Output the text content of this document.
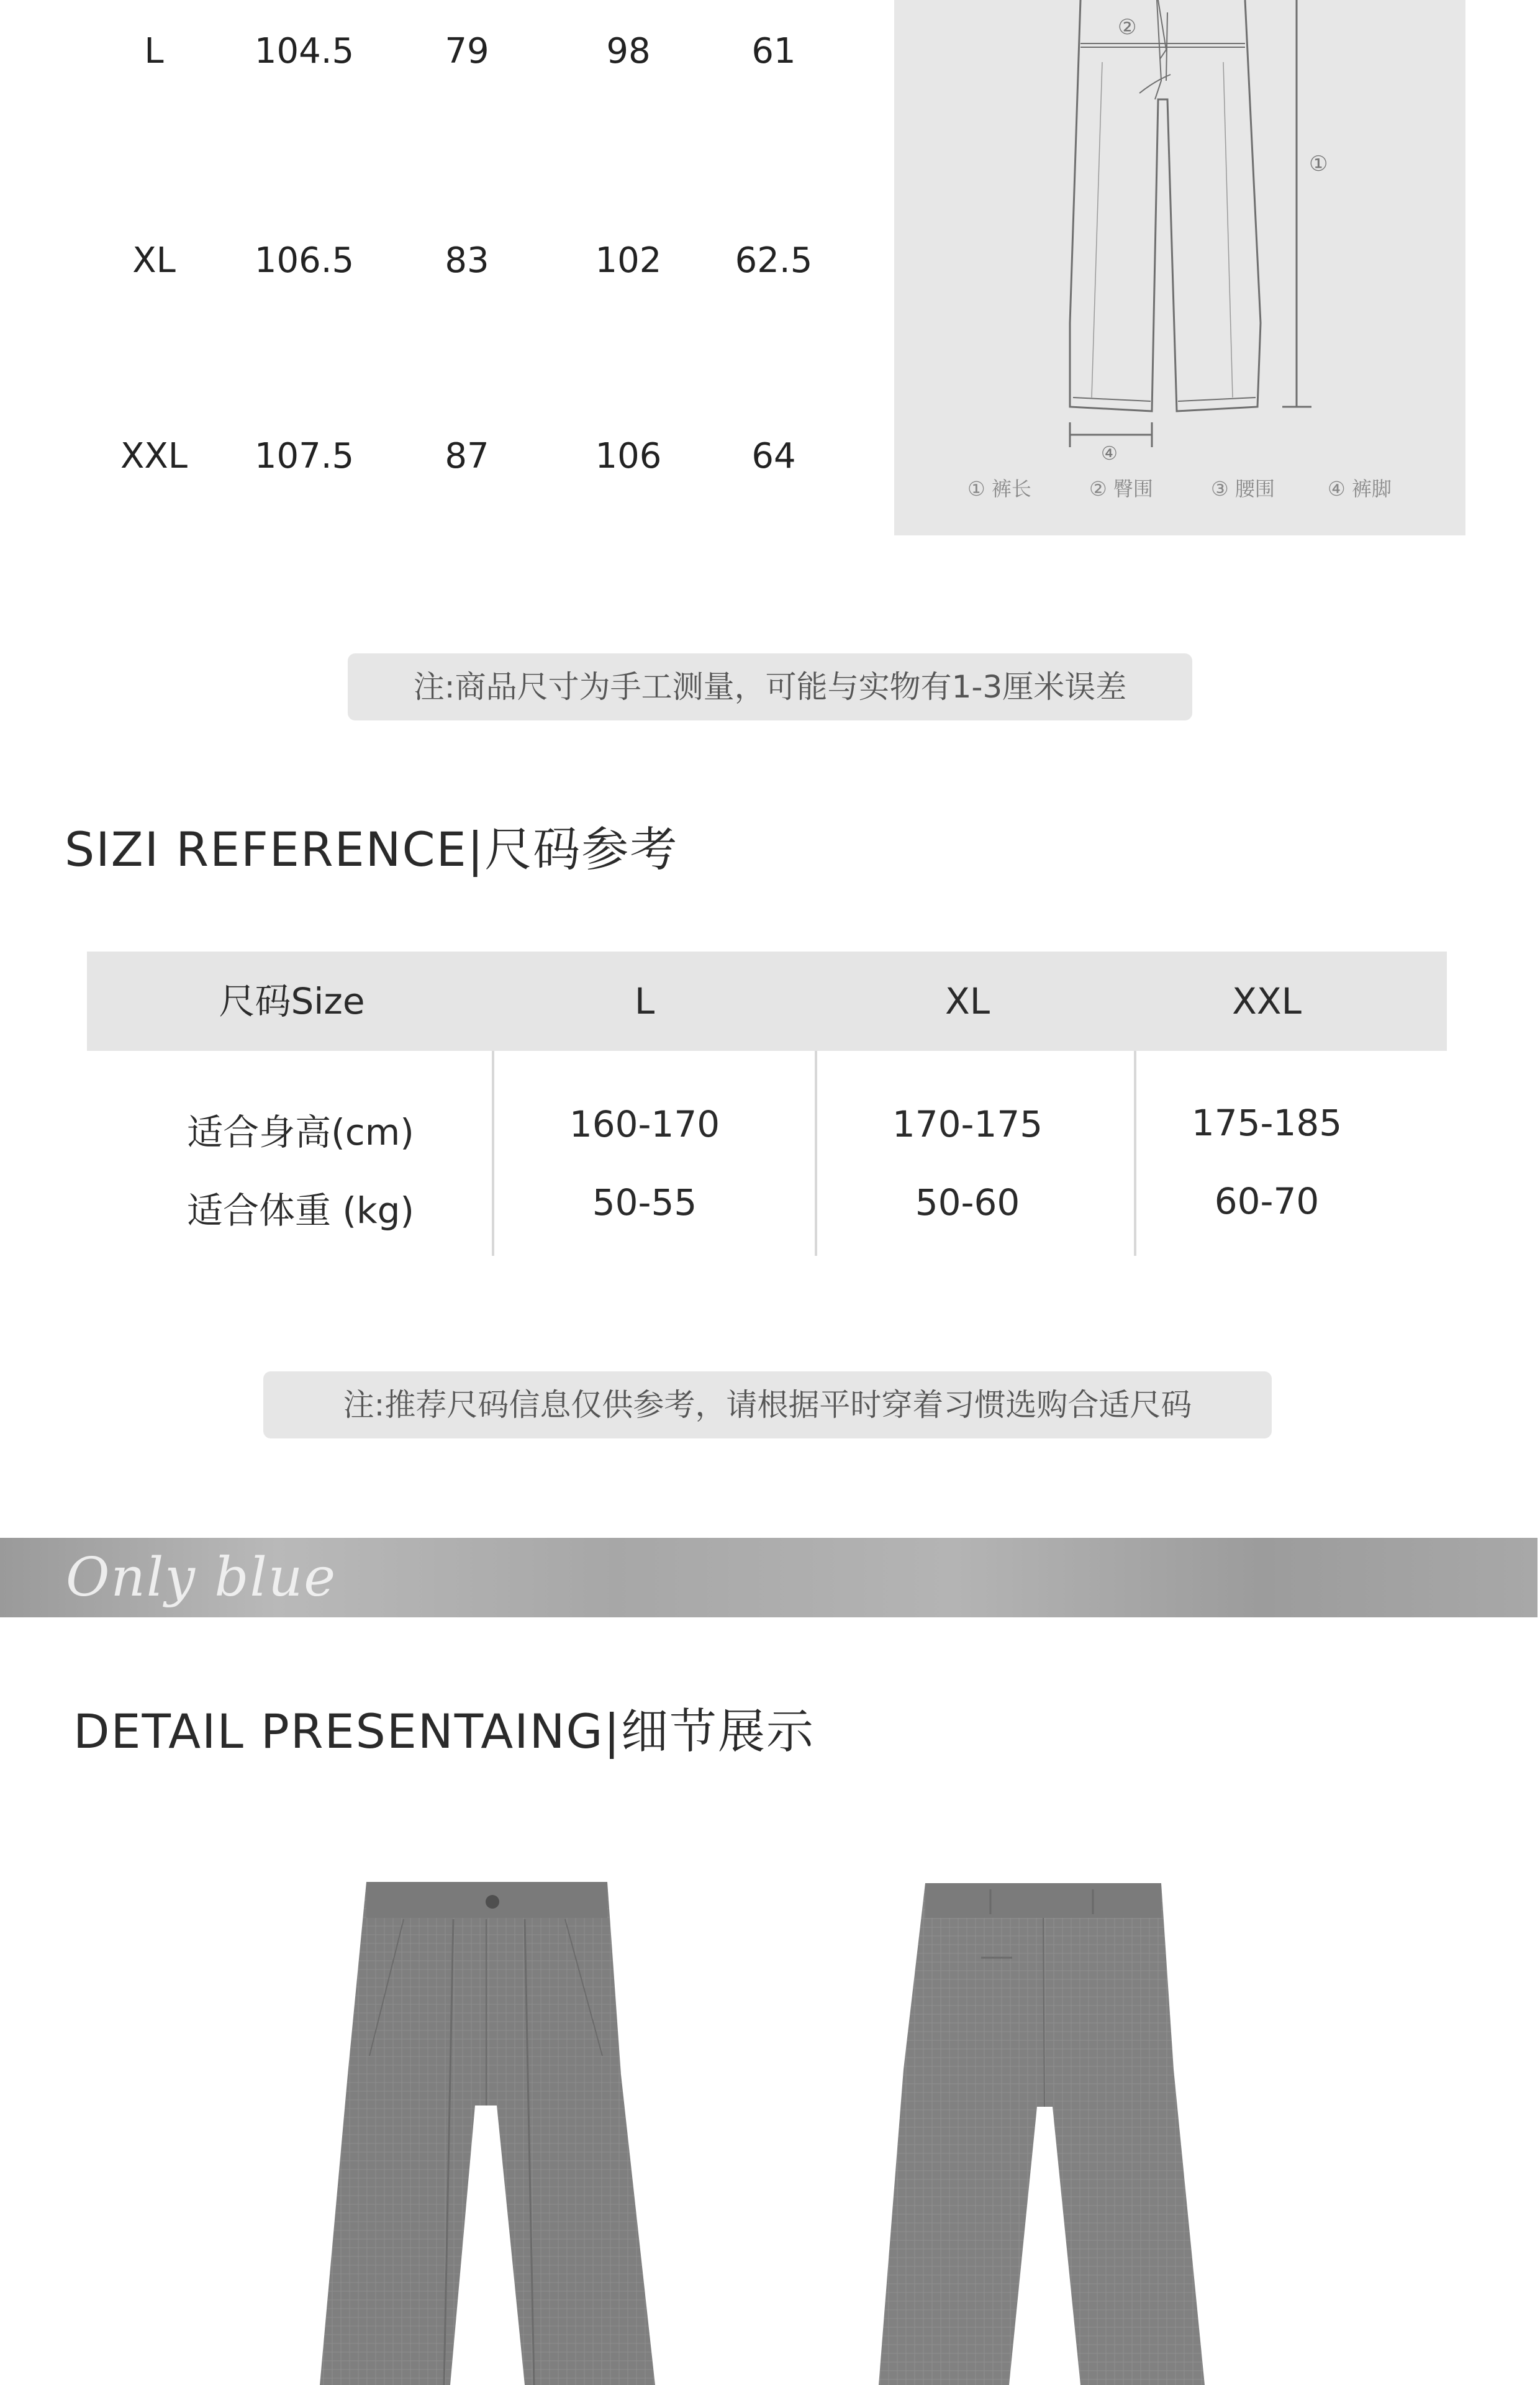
L	104.5	79	98	61
XL	106.5	83	102	62.5
XXL	107.5	87	106	64
②
①
④
① 裤长	② 臀围	③ 腰围	④ 裤脚
注:商品尺寸为手工测量，可能与实物有1-3厘米误差
SIZI REFERENCE|尺码参考
尺码Size	L	XL	XXL
适合身高(cm)	160-170	170-175	175-185
适合体重 (kg)	50-55	50-60	60-70
注:推荐尺码信息仅供参考，请根据平时穿着习惯选购合适尺码
Only blue
DETAIL PRESENTAING|细节展示
